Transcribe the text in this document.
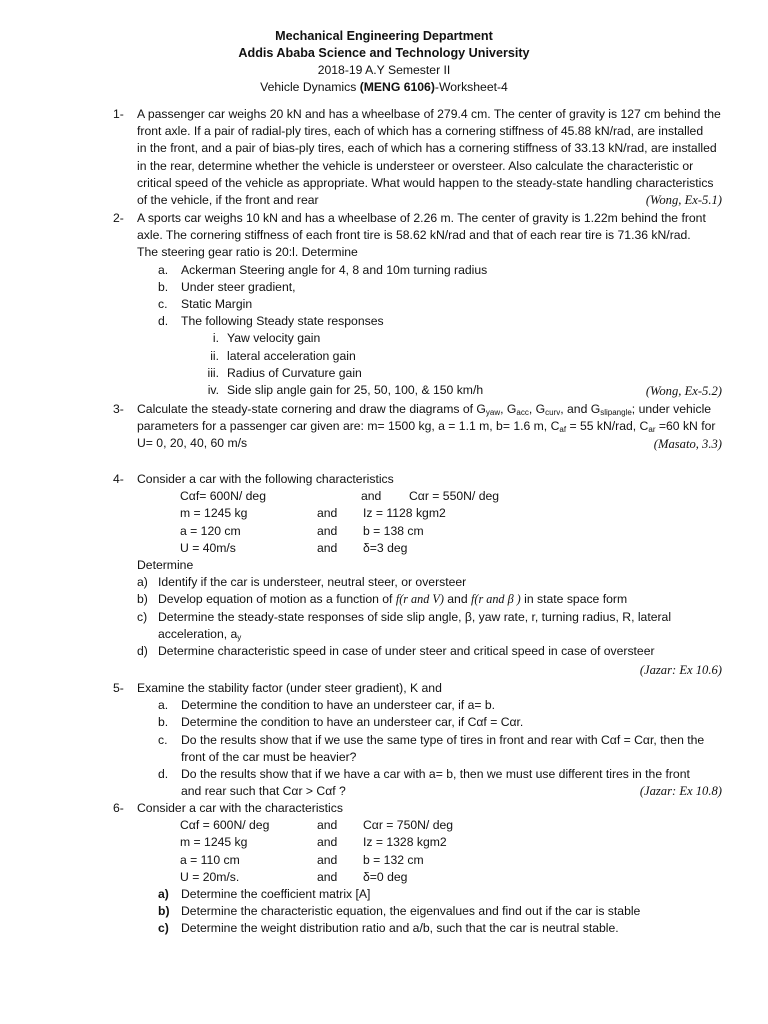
Mechanical Engineering Department
Addis Ababa Science and Technology University
2018-19 A.Y Semester II
Vehicle Dynamics (MENG 6106)-Worksheet-4
1- A passenger car weighs 20 kN and has a wheelbase of 279.4 cm. The center of gravity is 127 cm behind the
front axle. If a pair of radial-ply tires, each of which has a cornering stiffness of 45.88 kN/rad, are installed
in the front, and a pair of bias-ply tires, each of which has a cornering stiffness of 33.13 kN/rad, are installed
in the rear, determine whether the vehicle is understeer or oversteer. Also calculate the characteristic or
critical speed of the vehicle as appropriate. What would happen to the steady-state handling characteristics
of the vehicle, if the front and rear	(Wong, Ex-5.1)
2- A sports car weighs 10 kN and has a wheelbase of 2.26 m. The center of gravity is 1.22m behind the front
axle. The cornering stiffness of each front tire is 58.62 kN/rad and that of each rear tire is 71.36 kN/rad.
The steering gear ratio is 20:l. Determine
a. Ackerman Steering angle for 4, 8 and 10m turning radius
b. Under steer gradient,
c. Static Margin
d. The following Steady state responses
i. Yaw velocity gain
ii. lateral acceleration gain
iii. Radius of Curvature gain
iv. Side slip angle gain for 25, 50, 100, & 150 km/h	(Wong, Ex-5.2)
3- Calculate the steady-state cornering and draw the diagrams of $G_{yaw}$, $G_{acc}$, $G_{curv}$, and $G_{slipangle}$; under vehicle
parameters for a passenger car given are: m= 1500 kg, a = 1.1 m, b= 1.6 m, $C_{af} = 55$ kN/rad, $C_{ar} =60$ kN for
U= 0, 20, 40, 60 m/s	(Masato, 3.3)
4- Consider a car with the following characteristics
Cαf= 600N/ deg	and Cαr = 550N/ deg
m = 1245 kg	and Iz = 1128 kgm2
a = 120 cm	and b = 138 cm
U = 40m/s	and δ=3 deg
Determine
a) Identify if the car is understeer, neutral steer, or oversteer
b) Develop equation of motion as a function of f(r and V) and f(r and β ) in state space form
c) Determine the steady-state responses of side slip angle, β, yaw rate, r, turning radius, R, lateral
acceleration, $a_y$
d) Determine characteristic speed in case of under steer and critical speed in case of oversteer
(Jazar: Ex 10.6)
5- Examine the stability factor (under steer gradient), K and
a. Determine the condition to have an understeer car, if a= b.
b. Determine the condition to have an understeer car, if Cαf = Cαr.
c. Do the results show that if we use the same type of tires in front and rear with Cαf = Cαr, then the
front of the car must be heavier?
d. Do the results show that if we have a car with a= b, then we must use different tires in the front
and rear such that Cαr > Cαf ?	(Jazar: Ex 10.8)
6- Consider a car with the characteristics
Cαf = 600N/ deg	and Cαr = 750N/ deg
m = 1245 kg	and Iz = 1328 kgm2
a = 110 cm	and b = 132 cm
U = 20m/s.	and δ=0 deg
a) Determine the coefficient matrix [A]
b) Determine the characteristic equation, the eigenvalues and find out if the car is stable
c) Determine the weight distribution ratio and a/b, such that the car is neutral stable.
